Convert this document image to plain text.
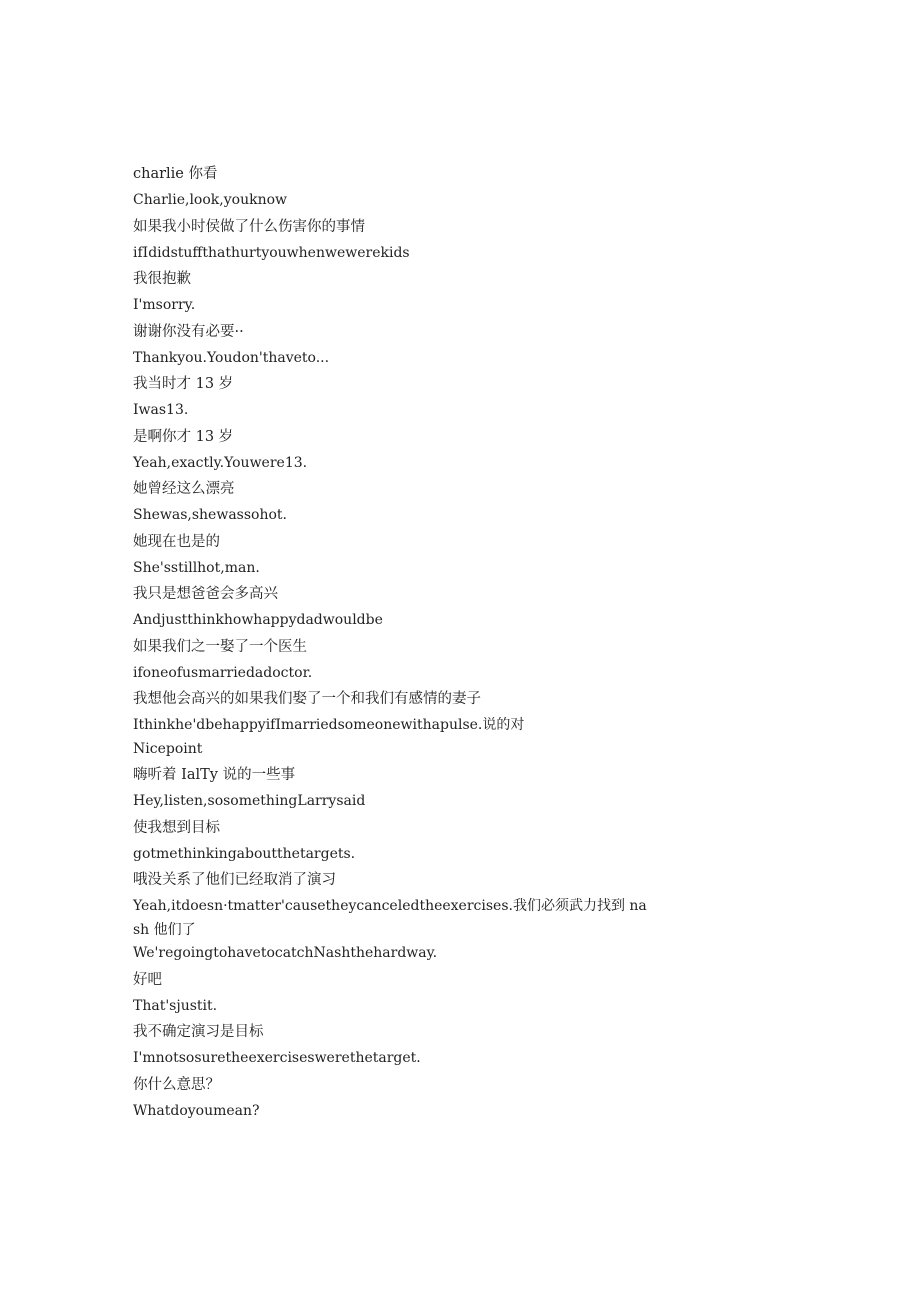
charlie 你看
Charlie,look,youknow
如果我小时侯做了什么伤害你的事情
ifIdidstuffthathurtyouwhenwewerekids
我很抱歉
I'msorry.
谢谢你没有必要··
Thankyou.Youdon'thaveto...
我当时才 13 岁
Iwas13.
是啊你才 13 岁
Yeah,exactly.Youwere13.
她曾经这么漂亮
Shewas,shewassohot.
她现在也是的
She'sstillhot,man.
我只是想爸爸会多高兴
Andjustthinkhowhappydadwouldbe
如果我们之一娶了一个医生
ifoneofusmarriedadoctor.
我想他会高兴的如果我们娶了一个和我们有感情的妻子
Ithinkhe'dbehappyifImarriedsomeonewithapulse.说的对
Nicepoint
嗨听着 IalTy 说的一些事
Hey,listen,sosomethingLarrysaid
使我想到目标
gotmethinkingaboutthetargets.
哦没关系了他们已经取消了演习
Yeah,itdoesn·tmatter'causetheycanceledtheexercises.我们必须武力找到 nash 他们了
We'regoingtohavetocatchNashthehardway.
好吧
That'sjustit.
我不确定演习是目标
I'mnotsosuretheexerciseswerethetarget.
你什么意思？
Whatdoyoumean?
